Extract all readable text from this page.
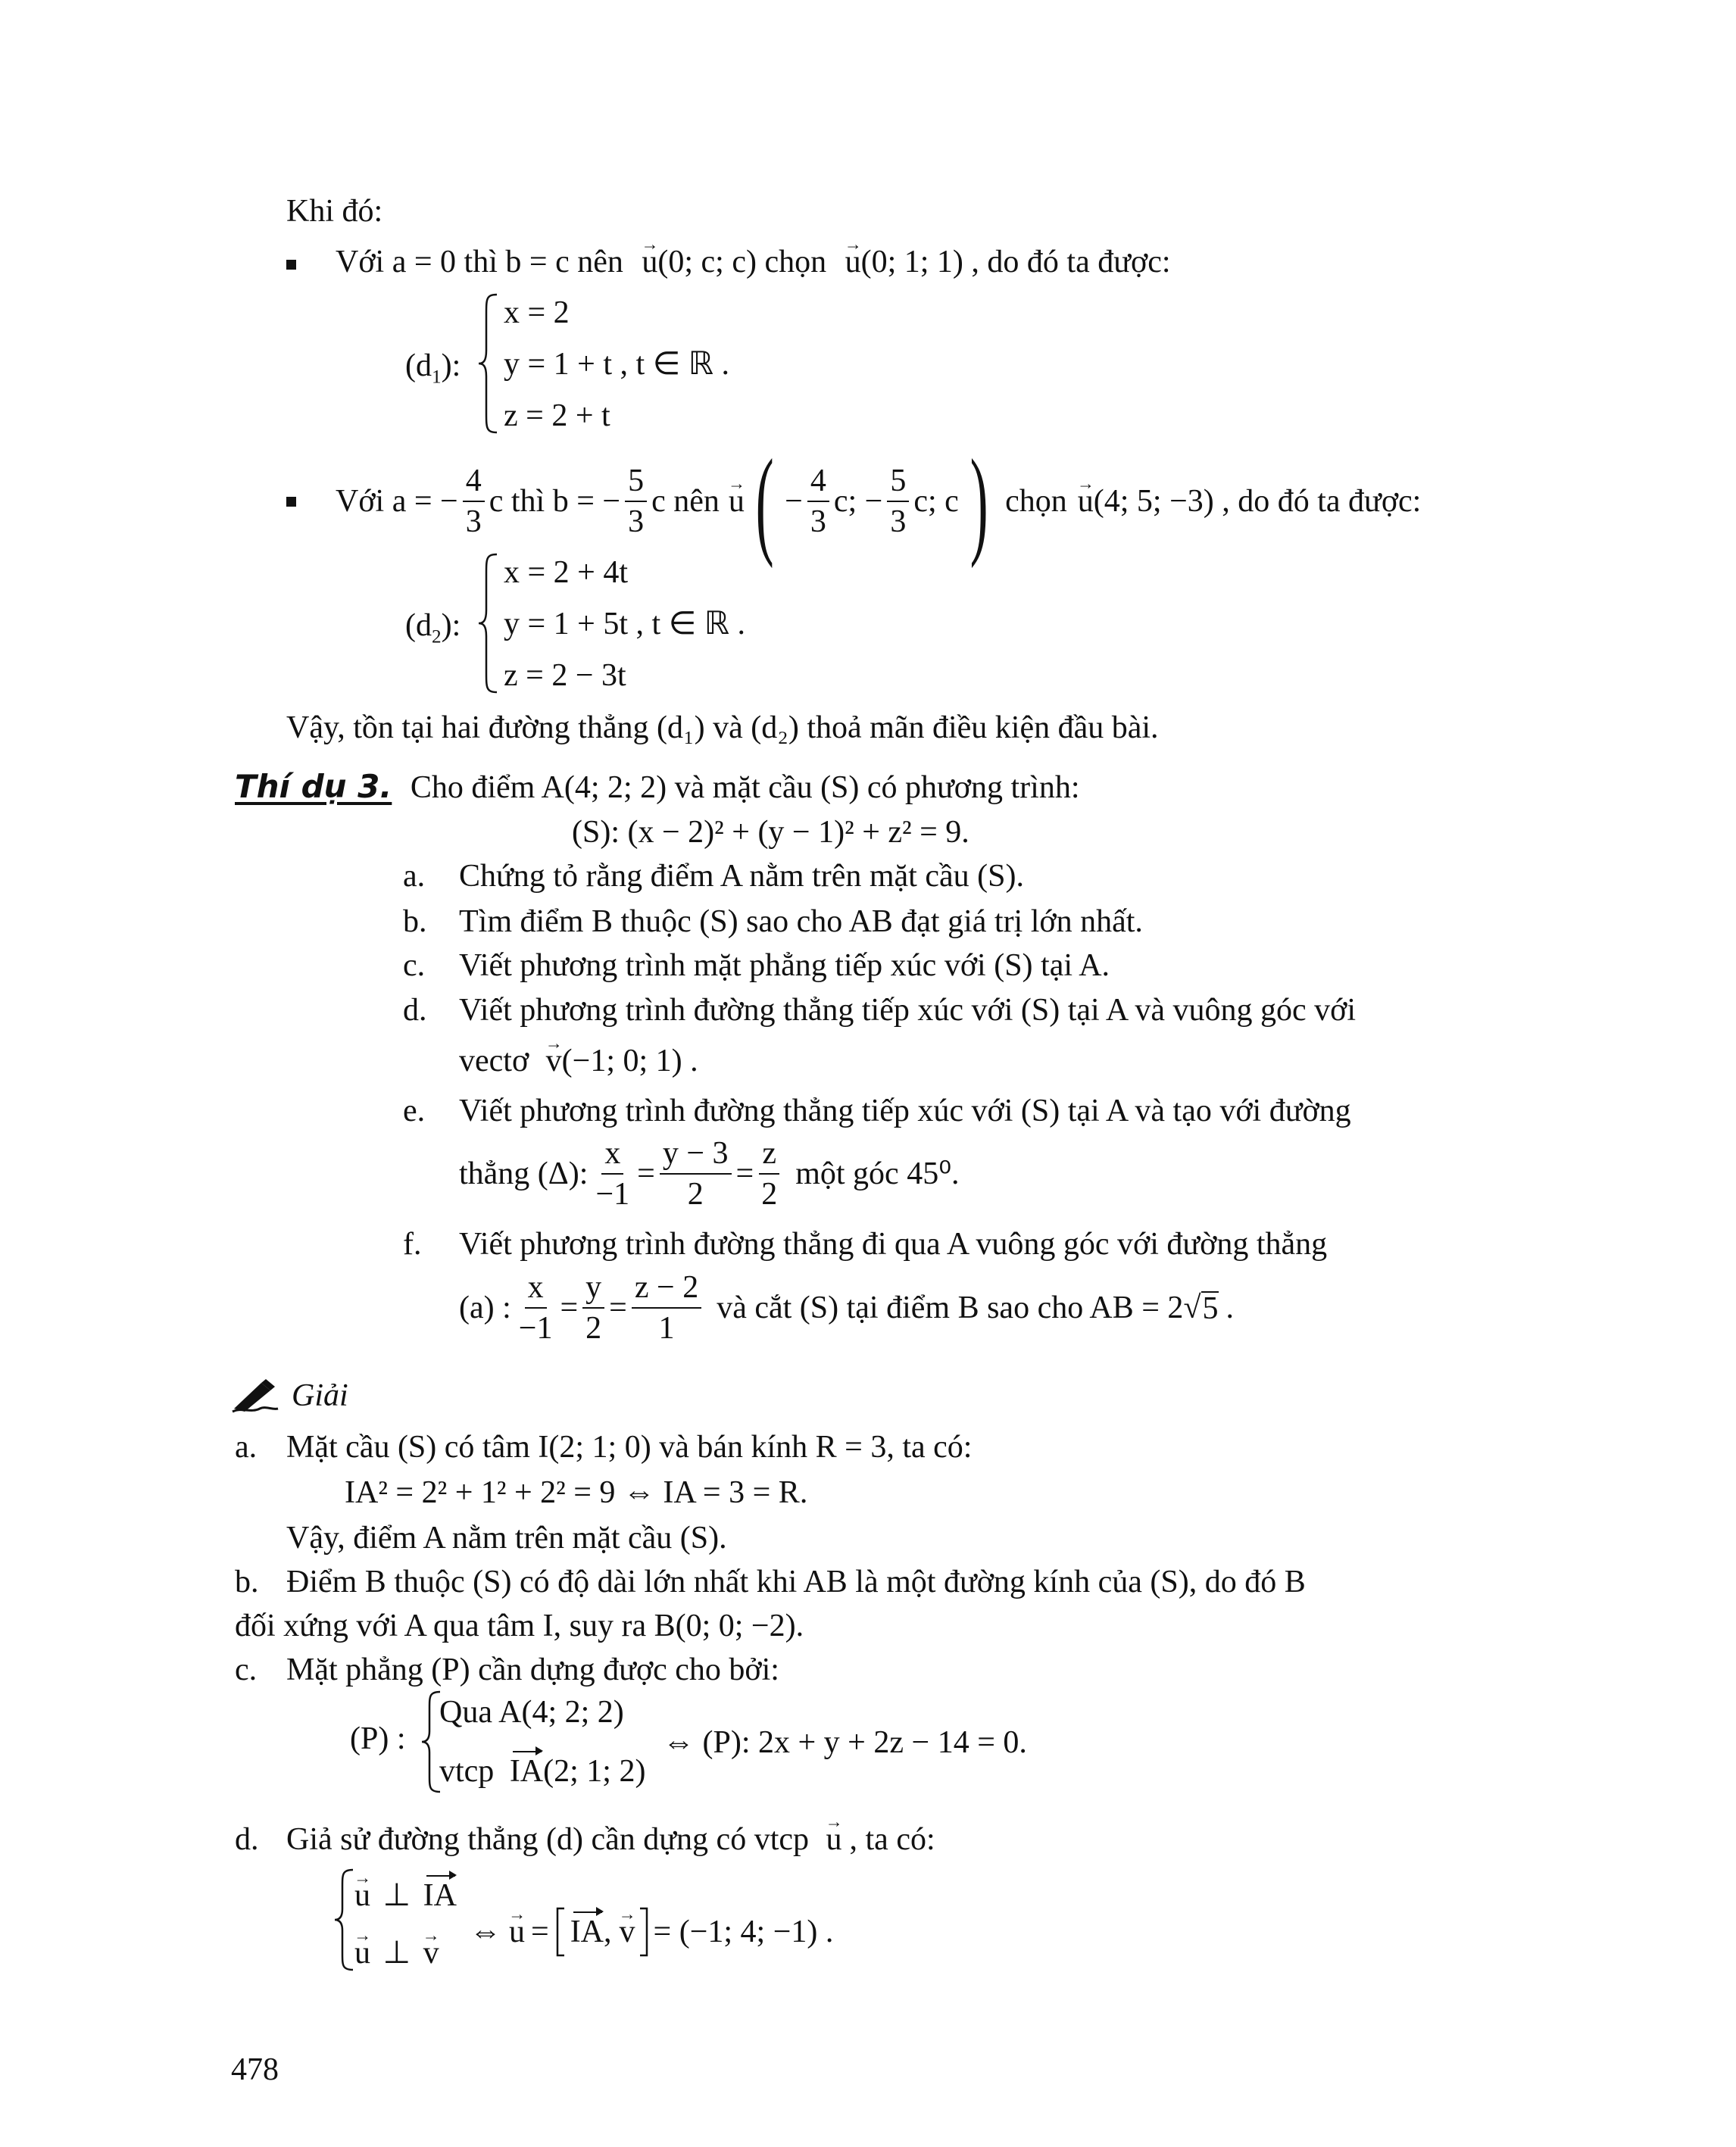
Khi đó:
Với a = 0 thì b = c nên → u(0; c; c) chọn → u(0; 1; 1) , do đó ta được:
$(d_1)$:
x = 2
y = 1 + t , t ∈ ℝ .
z = 2 + t
Với a = − $\frac{4}{3}$ c thì b = − $\frac{5}{3}$ c nên → u ( − $\frac{4}{3} c$; − $\frac{5}{3} c$; c ) chọn → u (4; 5; −3) , do đó ta được:
$(d_2)$:
x = 2 + 4t
y = 1 + 5t , t ∈ ℝ .
z = 2 − 3t
Vậy, tồn tại hai đường thẳng (d₁) và (d₂) thoả mãn điều kiện đầu bài.
Thí dụ 3. Cho điểm A(4; 2; 2) và mặt cầu (S) có phương trình:
(S): (x − 2)² + (y − 1)² + z² = 9.
a. Chứng tỏ rằng điểm A nằm trên mặt cầu (S).
b. Tìm điểm B thuộc (S) sao cho AB đạt giá trị lớn nhất.
c. Viết phương trình mặt phẳng tiếp xúc với (S) tại A.
d. Viết phương trình đường thẳng tiếp xúc với (S) tại A và vuông góc với
vectơ → v(−1; 0; 1) .
e. Viết phương trình đường thẳng tiếp xúc với (S) tại A và tạo với đường
thẳng (Δ): $\frac{x}{-1} = \frac{y - 3}{2} = \frac{z}{2}$ một góc 45⁰.
f. Viết phương trình đường thẳng đi qua A vuông góc với đường thẳng
(a) : $\frac{x}{-1} = \frac{y}{2} = \frac{z - 2}{1}$ và cắt (S) tại điểm B sao cho AB = 2 √ 5 .
Giải
a. Mặt cầu (S) có tâm I(2; 1; 0) và bán kính R = 3, ta có:
IA² = 2² + 1² + 2² = 9 ⇔ IA = 3 = R.
Vậy, điểm A nằm trên mặt cầu (S).
b. Điểm B thuộc (S) có độ dài lớn nhất khi AB là một đường kính của (S), do đó B
đối xứng với A qua tâm I, suy ra B(0; 0; −2).
c. Mặt phẳng (P) cần dựng được cho bởi:
(P) :
Qua A(4; 2; 2)
vtcp IA(2; 1; 2)
⇔ (P): 2x + y + 2z − 14 = 0.
d. Giả sử đường thẳng (d) cần dựng có vtcp → u , ta có:
→ u ⊥ IA
→ u ⊥ → v
⇔ → u = IA , → v = (−1; 4; −1) .
478
